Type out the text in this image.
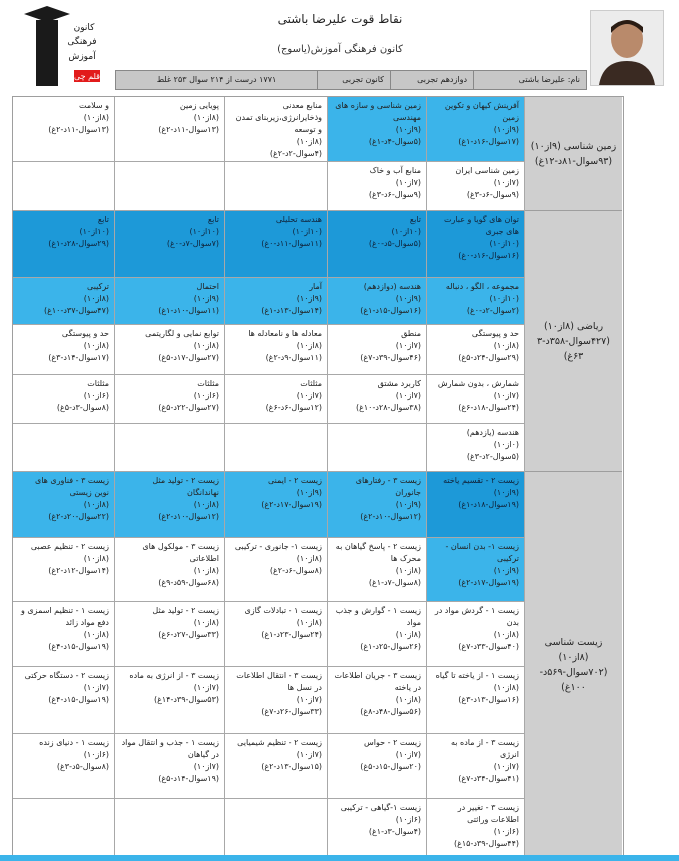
قلم چی
کانون
فرهنگی
آموزش
نقاط قوت علیرضا باشتی
کانون فرهنگی آموزش(یاسوج)
نام: علیرضا باشتی
دوازدهم تجربی
کانون تجربی
۱۷۷۱ درست از ۲۱۴ سوال ۲۵۳ غلط
زمین شناسی (۹از۱۰)
(۹۳سوال-۸۱د-۱۲غ)
ریاضی (۸از۱۰)
(۴۲۷سوال-۳۵۸د-۳
۶۳غ)
زیست شناسی (۸از۱۰)
(۷۰۲سوال-۵۶۹د-
۱۰۰غ)
آفرینش کیهان و تکوین زمین
(۹از۱۰)
(۱۷سوال-۱۶د-۱غ)
زمین شناسی و سازه های مهندسی
(۹از۱۰)
(۵سوال-۴د-۱غ)
منابع معدنی وذخایرانرژی،زیربنای تمدن و توسعه
(۸از۱۰)
(۴سوال-۲د-۲غ)
پویایی زمین
(۸از۱۰)
(۱۳سوال-۱۱د-۲غ)
و سلامت
(۸از۱۰)
(۱۳سوال-۱۱د-۲غ)
زمین شناسی ایران
(۷از۱۰)
(۹سوال-۶د-۳غ)
منابع آب و خاک
(۷از۱۰)
(۹سوال-۶د-۳غ)
توان های گویا و عبارت های جبری
(۱۰از۱۰)
(۱۶سوال-۱۶د-۰غ)
تابع
(۱۰از۱۰)
(۵سوال-۵د-۰غ)
هندسه تحلیلی
(۱۰از۱۰)
(۱۱سوال-۱۱د-۰غ)
تابع
(۱۰از۱۰)
(۷سوال-۷د-۰غ)
تابع
(۱۰از۱۰)
(۲۹سوال-۲۸د-۱غ)
مجموعه ، الگو ، دنباله
(۱۰از۱۰)
(۲سوال-۲د-۰غ)
هندسه (دوازدهم)
(۹از۱۰)
(۱۶سوال-۱۵د-۱غ)
آمار
(۹از۱۰)
(۱۴سوال-۱۳د-۱غ)
احتمال
(۹از۱۰)
(۱۱سوال-۱۰د-۱غ)
ترکیبی
(۸از۱۰)
(۴۷سوال-۳۷د-۱۰غ)
حد و پیوستگی
(۸از۱۰)
(۲۹سوال-۲۴د-۵غ)
منطق
(۷از۱۰)
(۴۶سوال-۳۹د-۷غ)
معادله ها و نامعادله ها
(۸از۱۰)
(۱۱سوال-۹د-۲غ)
توابع نمایی و لگاریتمی
(۸از۱۰)
(۲۷سوال-۱۷د-۵غ)
حد و پیوستگی
(۸از۱۰)
(۱۷سوال-۱۴د-۳غ)
شمارش ، بدون شمارش
(۷از۱۰)
(۲۴سوال-۱۸د-۶غ)
کاربرد مشتق
(۷از۱۰)
(۳۸سوال-۲۸د-۱۰غ)
مثلثات
(۷از۱۰)
(۱۲سوال-۶د-۶غ)
مثلثات
(۶از۱۰)
(۲۷سوال-۲۲د-۵غ)
مثلثات
(۶از۱۰)
(۸سوال-۳د-۵غ)
هندسه (یازدهم)
(۰از۱۰)
(۵سوال-۲د-۳غ)
زیست ۲ - تقسیم یاخته
(۹از۱۰)
(۱۹سوال-۱۸د-۱غ)
زیست ۳ - رفتارهای جانوران
(۹از۱۰)
(۱۲سوال-۱۰د-۲غ)
زیست ۲ - ایمنی
(۹از۱۰)
(۱۹سوال-۱۷د-۲غ)
زیست ۲ - تولید مثل نهاندانگان
(۸از۱۰)
(۱۲سوال-۱۰د-۲غ)
زیست ۳ - فناوری های نوین زیستی
(۸از۱۰)
(۲۲سوال-۲۰د-۲غ)
زیست ۱- بدن انسان - ترکیبی
(۹از۱۰)
(۱۹سوال-۱۷د-۲غ)
زیست ۲ - پاسخ گیاهان به محرک ها
(۸از۱۰)
(۸سوال-۷د-۱غ)
زیست ۱- جانوری - ترکیبی
(۸از۱۰)
(۸سوال-۶د-۲غ)
زیست ۳ - مولکول های اطلاعاتی
(۸از۱۰)
(۶۸سوال-۵۹د-۹غ)
زیست ۲ - تنظیم عصبی
(۸از۱۰)
(۱۴سوال-۱۲د-۲غ)
زیست ۱ - گردش مواد در بدن
(۸از۱۰)
(۴۰سوال-۳۳د-۷غ)
زیست ۱ - گوارش و جذب مواد
(۸از۱۰)
(۲۶سوال-۲۵د-۱غ)
زیست ۱ - تبادلات گازی
(۸از۱۰)
(۲۴سوال-۲۳د-۱غ)
زیست ۲ - تولید مثل
(۸از۱۰)
(۳۳سوال-۲۷د-۶غ)
زیست ۱ - تنظیم اسمزی و دفع مواد زائد
(۸از۱۰)
(۱۹سوال-۱۵د-۴غ)
زیست ۱ - از یاخته تا گیاه
(۸از۱۰)
(۱۶سوال-۱۳د-۳غ)
زیست ۳ - جریان اطلاعات در یاخته
(۸از۱۰)
(۵۶سوال-۴۸د-۸غ)
زیست ۳ - انتقال اطلاعات در نسل ها
(۷از۱۰)
(۳۳سوال-۲۶د-۷غ)
زیست ۳ - از انرژی به ماده
(۷از۱۰)
(۵۳سوال-۳۹د-۱۴غ)
زیست ۲ - دستگاه حرکتی
(۷از۱۰)
(۱۹سوال-۱۵د-۴غ)
زیست ۳ - از ماده به انرژی
(۷از۱۰)
(۴۱سوال-۳۴د-۷غ)
زیست ۲ - حواس
(۷از۱۰)
(۲۰سوال-۱۵د-۵غ)
زیست ۲ - تنظیم شیمیایی
(۷از۱۰)
(۱۵سوال-۱۳د-۲غ)
زیست ۱ - جذب و انتقال مواد در گیاهان
(۷از۱۰)
(۱۹سوال-۱۴د-۵غ)
زیست ۱ - دنیای زنده
(۶از۱۰)
(۸سوال-۵د-۳غ)
زیست ۳ - تغییر در اطلاعات وراثتی
(۶از۱۰)
(۴۴سوال-۳۹د-۱۵غ)
زیست ۱-گیاهی - ترکیبی
(۶از۱۰)
(۴سوال-۳د-۱غ)
